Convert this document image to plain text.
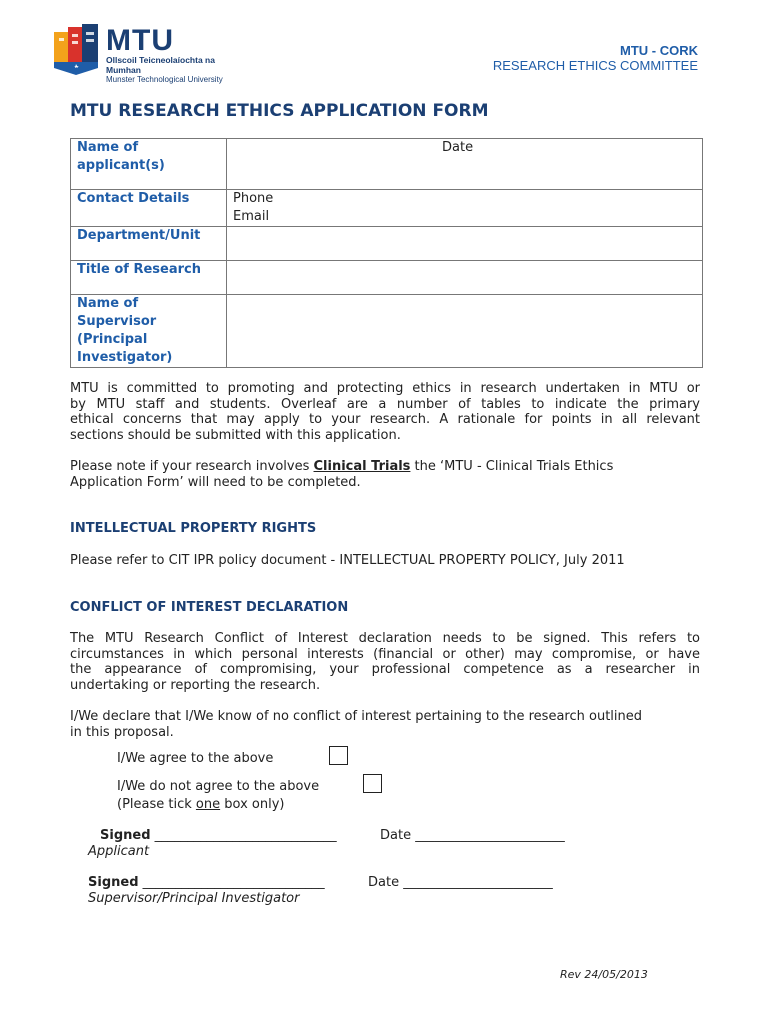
MTU
Ollscoil Teicneolaíochta na Mumhan
Munster Technological University
MTU - CORK
RESEARCH ETHICS COMMITTEE
MTU RESEARCH ETHICS APPLICATION FORM
Name of
applicant(s)	Date

Contact Details	Phone
Email

Department/Unit	
Title of Research	

Name of
Supervisor
(Principal
Investigator)	

MTU is committed to promoting and protecting ethics in research undertaken in MTU or
by MTU staff and students. Overleaf are a number of tables to indicate the primary
ethical concerns that may apply to your research. A rationale for points in all relevant
sections should be submitted with this application.
Please note if your research involves Clinical Trials the ‘MTU - Clinical Trials Ethics
Application Form’ will need to be completed.
INTELLECTUAL PROPERTY RIGHTS
Please refer to CIT IPR policy document - INTELLECTUAL PROPERTY POLICY, July 2011
CONFLICT OF INTEREST DECLARATION
The MTU Research Conflict of Interest declaration needs to be signed. This refers to
circumstances in which personal interests (financial or other) may compromise, or have
the appearance of compromising, your professional competence as a researcher in
undertaking or reporting the research.
I/We declare that I/We know of no conflict of interest pertaining to the research outlined
in this proposal.
I/We agree to the above
I/We do not agree to the above
(Please tick one box only)
Signed ____________________________	Date _______________________
Applicant
Signed ____________________________	Date _______________________
Supervisor/Principal Investigator
Rev 24/05/2013
